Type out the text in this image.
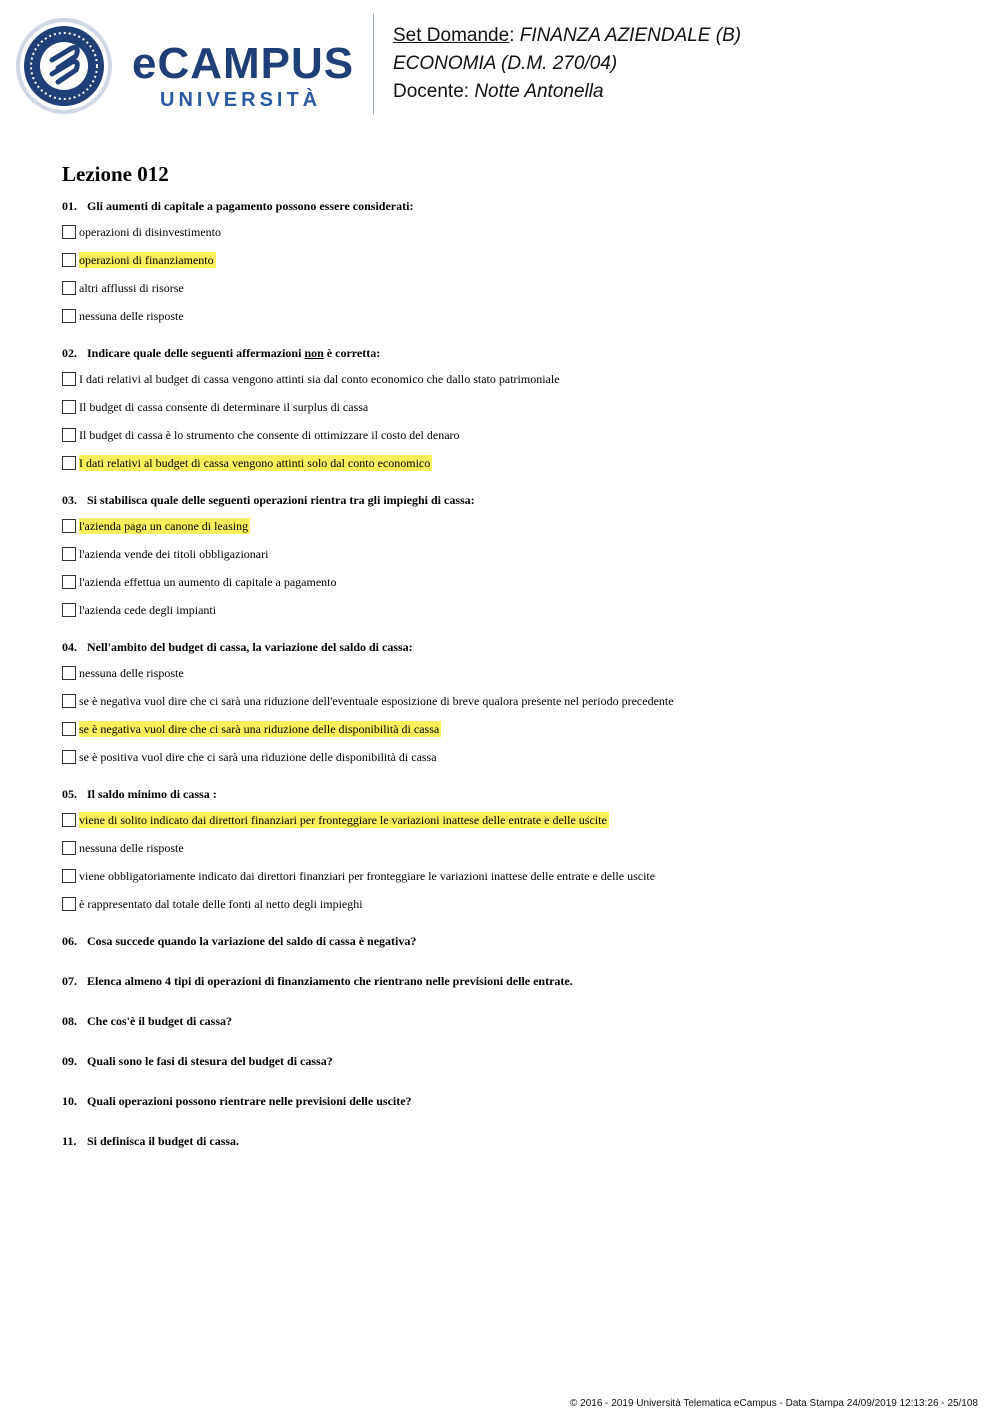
eCAMPUS
UNIVERSITÀ
Set Domande: FINANZA AZIENDALE (B)
ECONOMIA (D.M. 270/04)
Docente: Notte Antonella
Lezione 012
01. Gli aumenti di capitale a pagamento possono essere considerati:
operazioni di disinvestimento
operazioni di finanziamento
altri afflussi di risorse
nessuna delle risposte
02. Indicare quale delle seguenti affermazioni non è corretta:
I dati relativi al budget di cassa vengono attinti sia dal conto economico che dallo stato patrimoniale
Il budget di cassa consente di determinare il surplus di cassa
Il budget di cassa è lo strumento che consente di ottimizzare il costo del denaro
I dati relativi al budget di cassa vengono attinti solo dal conto economico
03. Si stabilisca quale delle seguenti operazioni rientra tra gli impieghi di cassa:
l'azienda paga un canone di leasing
l'azienda vende dei titoli obbligazionari
l'azienda effettua un aumento di capitale a pagamento
l'azienda cede degli impianti
04. Nell'ambito del budget di cassa, la variazione del saldo di cassa:
nessuna delle risposte
se è negativa vuol dire che ci sarà una riduzione dell'eventuale esposizione di breve qualora presente nel periodo precedente
se è negativa vuol dire che ci sarà una riduzione delle disponibilità di cassa
se è positiva vuol dire che ci sarà una riduzione delle disponibilità di cassa
05. Il saldo minimo di cassa :
viene di solito indicato dai direttori finanziari per fronteggiare le variazioni inattese delle entrate e delle uscite
nessuna delle risposte
viene obbligatoriamente indicato dai direttori finanziari per fronteggiare le variazioni inattese delle entrate e delle uscite
è rappresentato dal totale delle fonti al netto degli impieghi
06. Cosa succede quando la variazione del saldo di cassa è negativa?
07. Elenca almeno 4 tipi di operazioni di finanziamento che rientrano nelle previsioni delle entrate.
08. Che cos'è il budget di cassa?
09. Quali sono le fasi di stesura del budget di cassa?
10. Quali operazioni possono rientrare nelle previsioni delle uscite?
11. Si definisca il budget di cassa.
© 2016 - 2019 Università Telematica eCampus - Data Stampa 24/09/2019 12:13:26 - 25/108
